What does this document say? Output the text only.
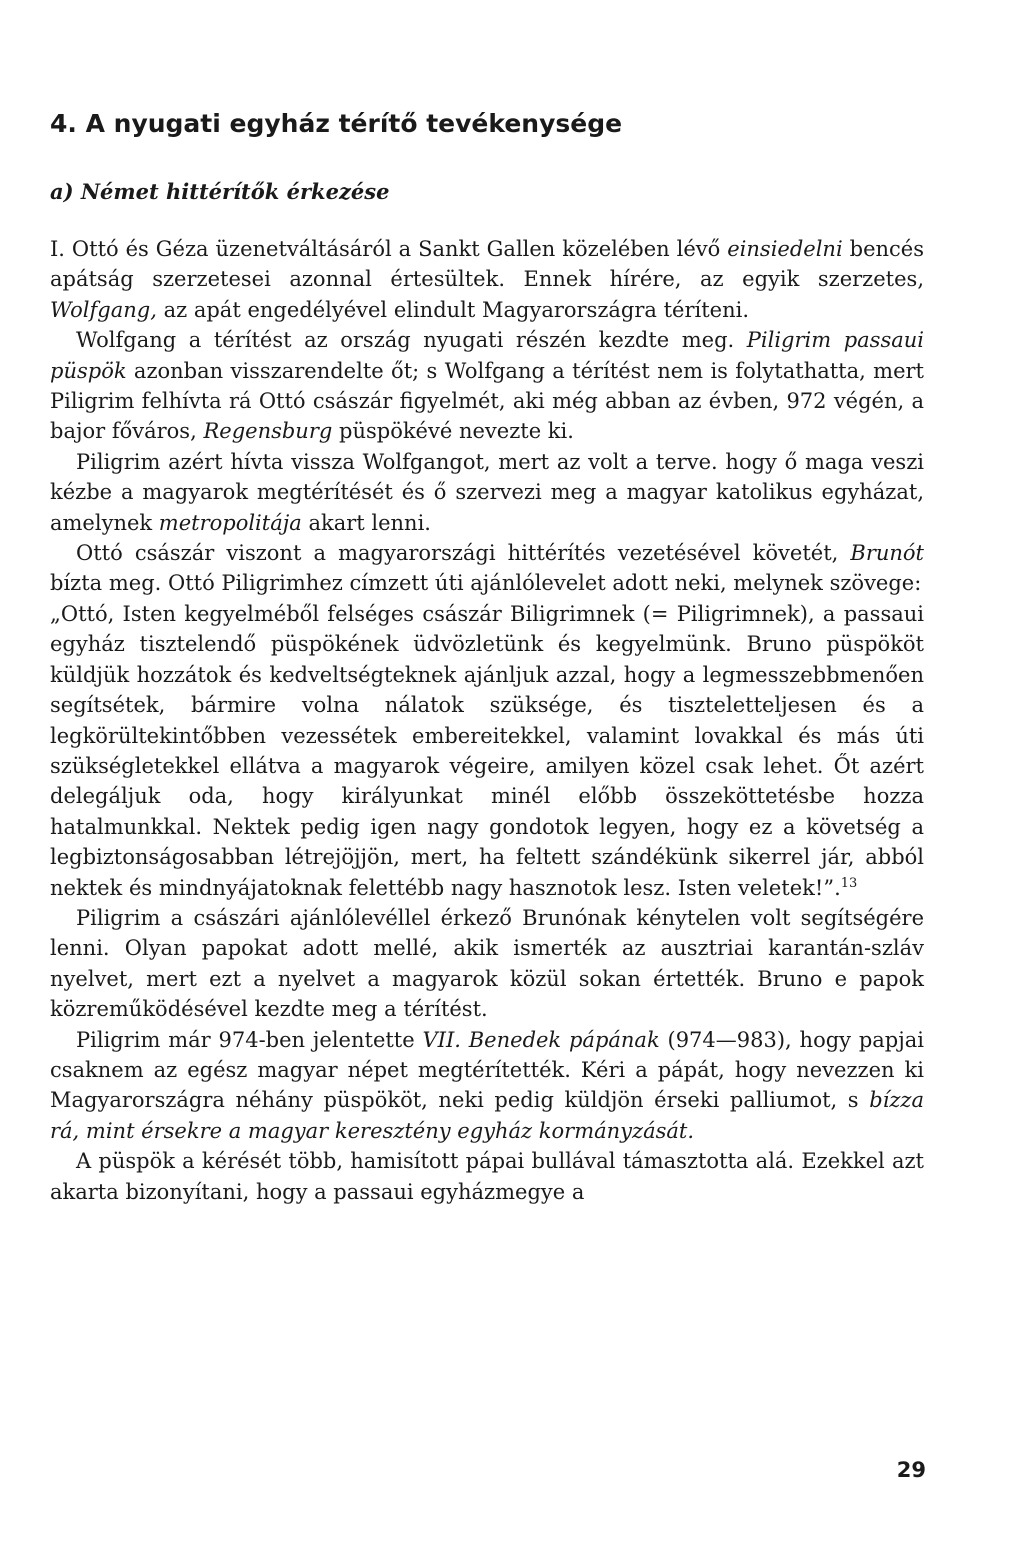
4. A nyugati egyház térítő tevékenysége
a) Német hittérítők érkezése

I. Ottó és Géza üzenetváltásáról a Sankt Gallen közelében lévő einsiedelni bencés apátság szerzetesei azonnal értesültek. Ennek hírére, az egyik szerzetes, Wolfgang, az apát engedélyével elindult Magyarországra téríteni.

Wolfgang a térítést az ország nyugati részén kezdte meg. Piligrim passaui püspök azonban visszarendelte őt; s Wolfgang a térítést nem is folytathatta, mert Piligrim felhívta rá Ottó császár figyelmét, aki még abban az évben, 972 végén, a bajor főváros, Regensburg püspökévé nevezte ki.

Piligrim azért hívta vissza Wolfgangot, mert az volt a terve. hogy ő maga veszi kézbe a magyarok megtérítését és ő szervezi meg a magyar katolikus egyházat, amelynek metropolitája akart lenni.

Ottó császár viszont a magyarországi hittérítés vezetésével követét, Brunót bízta meg. Ottó Piligrimhez címzett úti ajánlólevelet adott neki, melynek szövege:

„Ottó, Isten kegyelméből felséges császár Biligrimnek (= Piligrimnek), a passaui egyház tisztelendő püspökének üdvözletünk és kegyelmünk. Bruno püspököt küldjük hozzátok és kedveltségteknek ajánljuk azzal, hogy a legmesszebbmenően segítsétek, bármire volna nálatok szüksége, és tiszteletteljesen és a legkörültekintőbben vezessétek embereitekkel, valamint lovakkal és más úti szükségletekkel ellátva a magyarok végeire, amilyen közel csak lehet. Őt azért delegáljuk oda, hogy királyunkat minél előbb összeköttetésbe hozza hatalmunkkal. Nektek pedig igen nagy gondotok legyen, hogy ez a követség a legbiztonságosabban létrejöjjön, mert, ha feltett szándékünk sikerrel jár, abból nektek és mindnyájatoknak felettébb nagy hasznotok lesz. Isten veletek!”.$^{13}$

Piligrim a császári ajánlólevéllel érkező Brunónak kénytelen volt segítségére lenni. Olyan papokat adott mellé, akik ismerték az ausztriai karantán-szláv nyelvet, mert ezt a nyelvet a magyarok közül sokan értették. Bruno e papok közreműködésével kezdte meg a térítést.

Piligrim már 974-ben jelentette VII. Benedek pápának (974—983), hogy papjai csaknem az egész magyar népet megtérítették. Kéri a pápát, hogy nevezzen ki Magyarországra néhány püspököt, neki pedig küldjön érseki palliumot, s bízza rá, mint érsekre a magyar keresztény egyház kormányzását.

A püspök a kérését több, hamisított pápai bullával támasztotta alá. Ezekkel azt akarta bizonyítani, hogy a passaui egyházmegye a

29
